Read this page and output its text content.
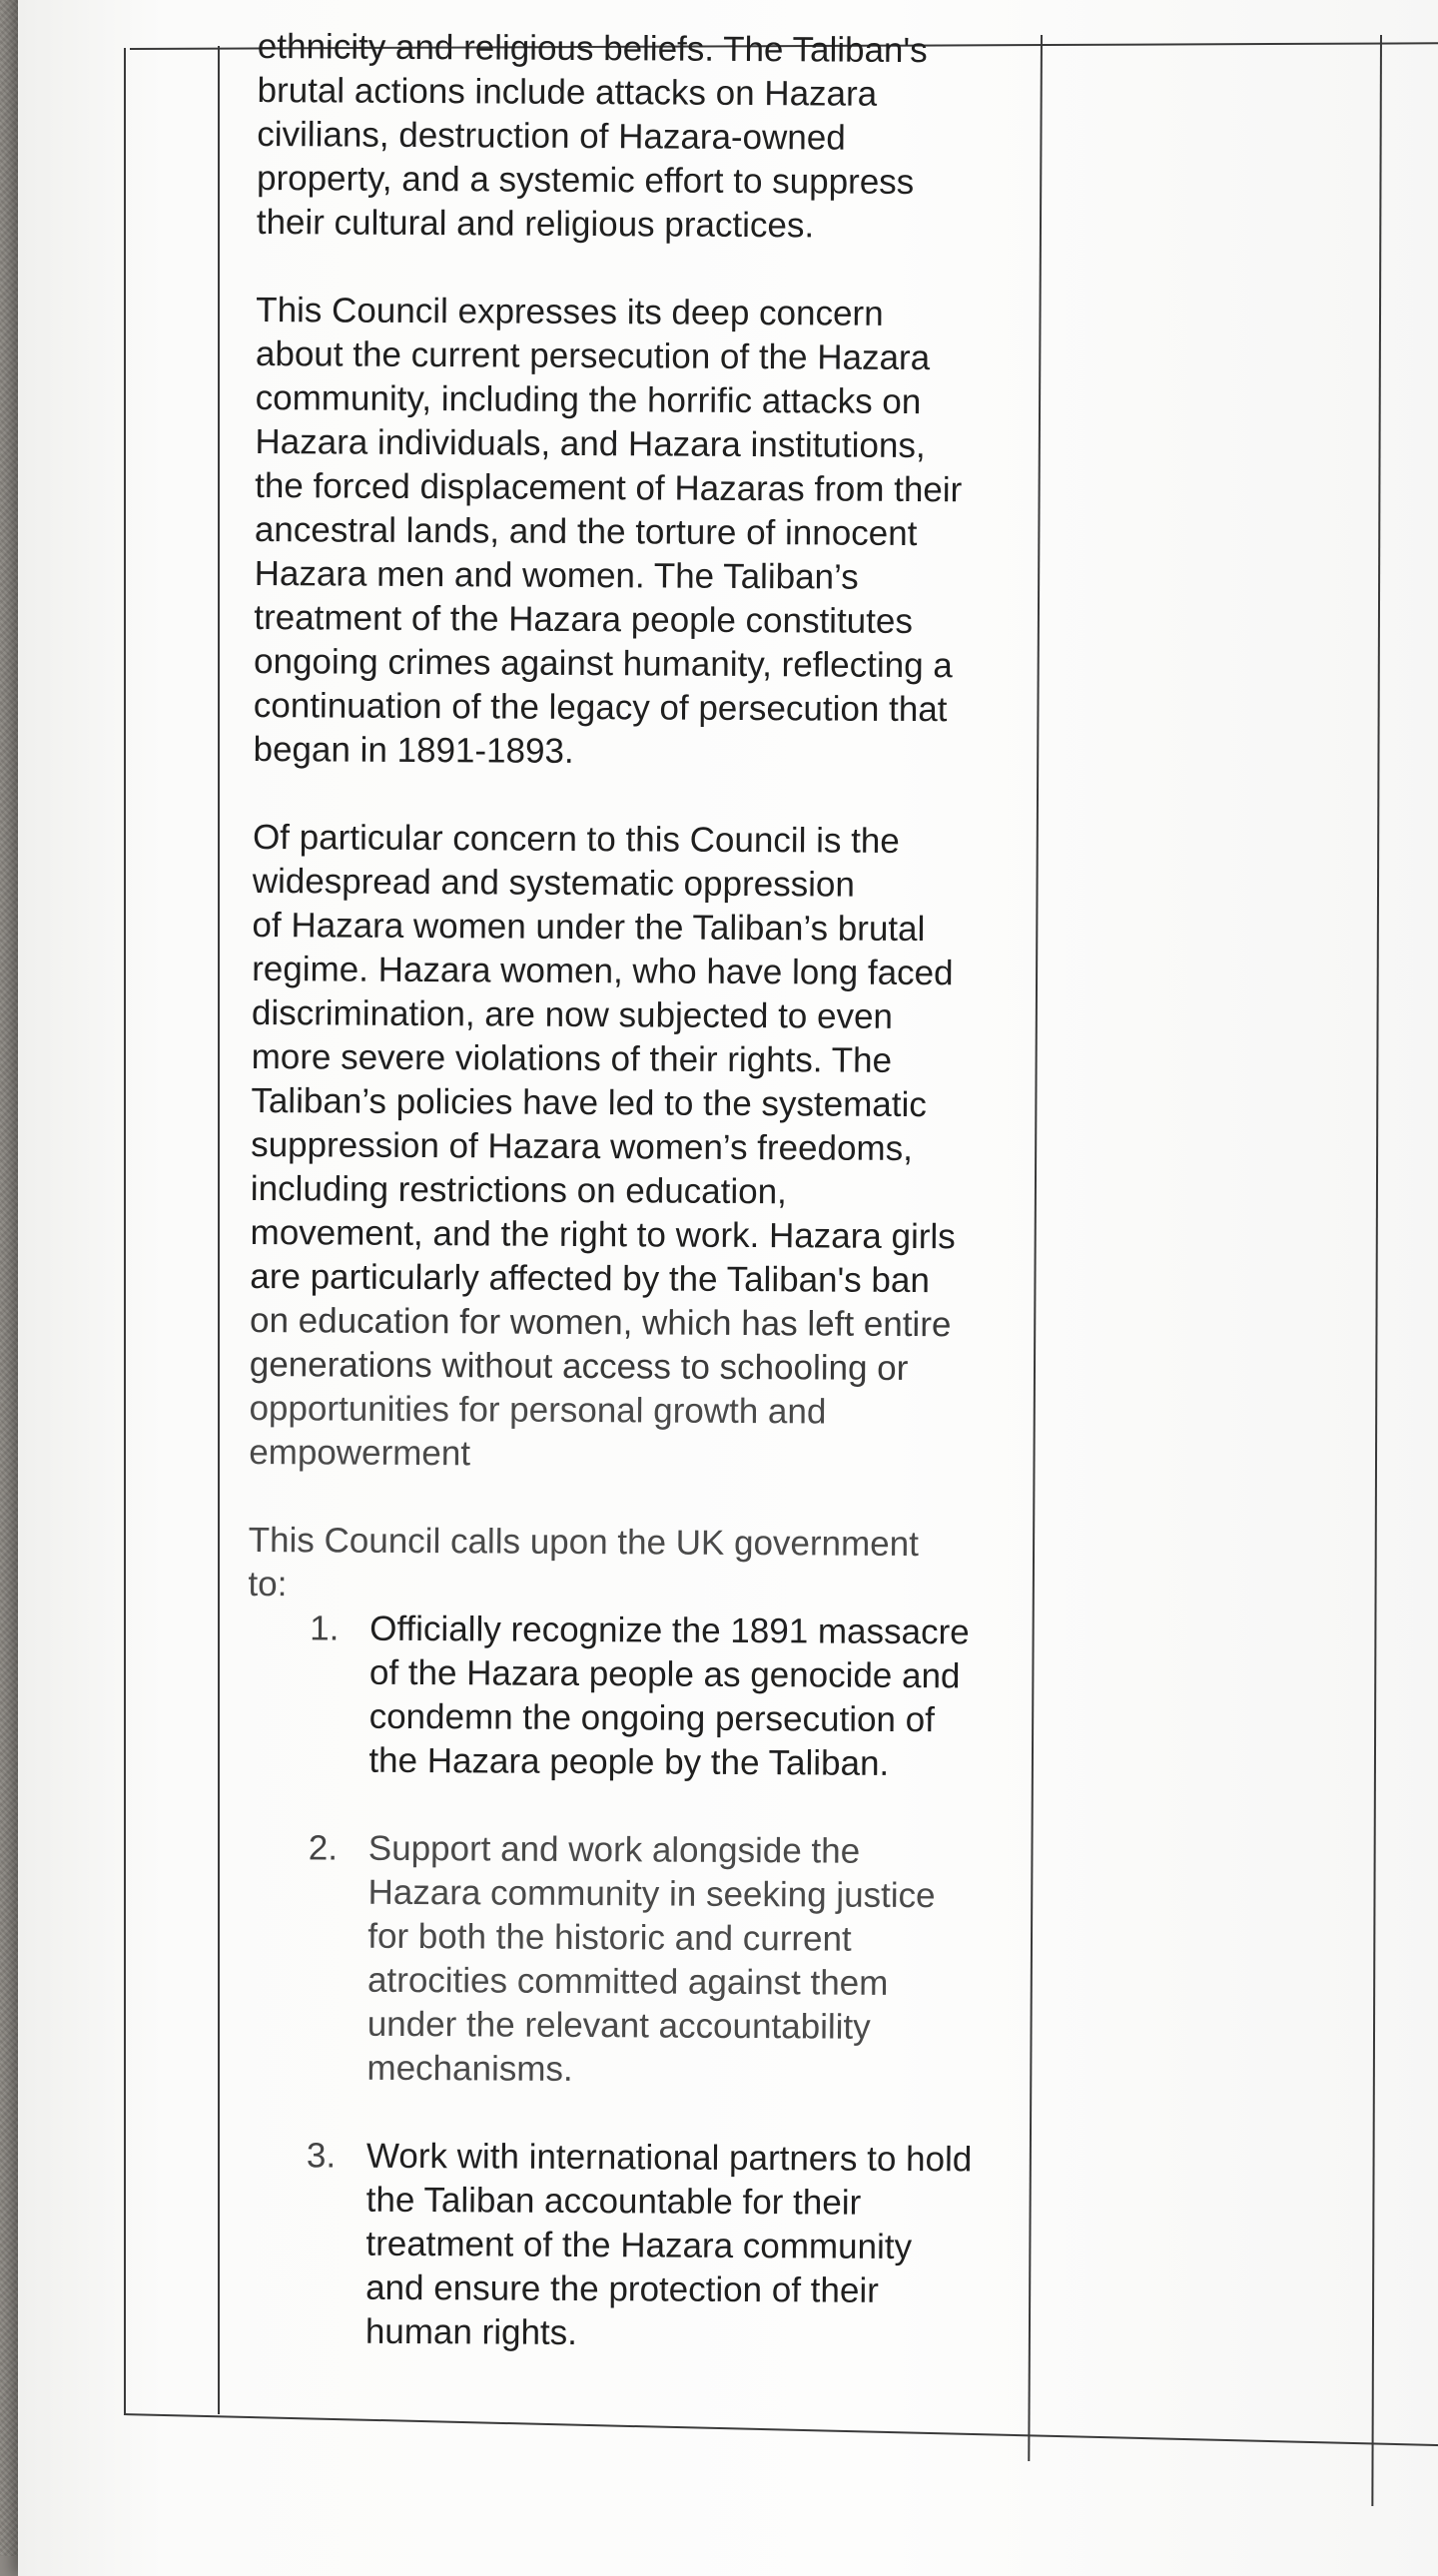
ethnicity and religious beliefs. The Taliban's
brutal actions include attacks on Hazara
civilians, destruction of Hazara-owned
property, and a systemic effort to suppress
their cultural and religious practices.

This Council expresses its deep concern
about the current persecution of the Hazara
community, including the horrific attacks on
Hazara individuals, and Hazara institutions,
the forced displacement of Hazaras from their
ancestral lands, and the torture of innocent
Hazara men and women. The Taliban’s
treatment of the Hazara people constitutes
ongoing crimes against humanity, reflecting a
continuation of the legacy of persecution that
began in 1891-1893.

Of particular concern to this Council is the
widespread and systematic oppression
of Hazara women under the Taliban’s brutal
regime. Hazara women, who have long faced
discrimination, are now subjected to even
more severe violations of their rights. The
Taliban’s policies have led to the systematic
suppression of Hazara women’s freedoms,
including restrictions on education,
movement, and the right to work. Hazara girls
are particularly affected by the Taliban's ban
on education for women, which has left entire
generations without access to schooling or
opportunities for personal growth and
empowerment

This Council calls upon the UK government
to:

1. Officially recognize the 1891 massacre
of the Hazara people as genocide and
condemn the ongoing persecution of
the Hazara people by the Taliban.
2. Support and work alongside the
Hazara community in seeking justice
for both the historic and current
atrocities committed against them
under the relevant accountability
mechanisms.
3. Work with international partners to hold
the Taliban accountable for their
treatment of the Hazara community
and ensure the protection of their
human rights.
